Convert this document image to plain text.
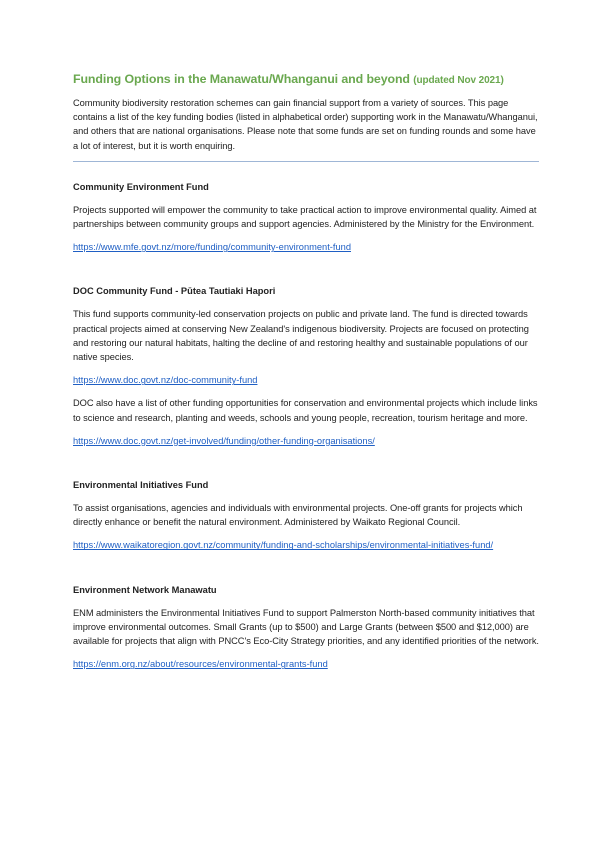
Funding Options in the Manawatu/Whanganui and beyond (updated Nov 2021)

Community biodiversity restoration schemes can gain financial support from a variety of sources. This page contains a list of the key funding bodies (listed in alphabetical order) supporting work in the Manawatu/Whanganui, and others that are national organisations. Please note that some funds are set on funding rounds and some have a lot of interest, but it is worth enquiring.

Community Environment Fund

Projects supported will empower the community to take practical action to improve environmental quality. Aimed at partnerships between community groups and support agencies. Administered by the Ministry for the Environment.

https://www.mfe.govt.nz/more/funding/community-environment-fund
DOC Community Fund - Pūtea Tautiaki Hapori

This fund supports community-led conservation projects on public and private land. The fund is directed towards practical projects aimed at conserving New Zealand's indigenous biodiversity. Projects are focused on protecting and restoring our natural habitats, halting the decline of and restoring healthy and sustainable populations of our native species.

https://www.doc.govt.nz/doc-community-fund

DOC also have a list of other funding opportunities for conservation and environmental projects which include links to science and research, planting and weeds, schools and young people, recreation, tourism heritage and more.

https://www.doc.govt.nz/get-involved/funding/other-funding-organisations/
Environmental Initiatives Fund

To assist organisations, agencies and individuals with environmental projects. One-off grants for projects which directly enhance or benefit the natural environment. Administered by Waikato Regional Council.

https://www.waikatoregion.govt.nz/community/funding-and-scholarships/environmental-initiatives-fund/
Environment Network Manawatu

ENM administers the Environmental Initiatives Fund to support Palmerston North-based community initiatives that improve environmental outcomes. Small Grants (up to $500) and Large Grants (between $500 and $12,000) are available for projects that align with PNCC's Eco-City Strategy priorities, and any identified priorities of the network.

https://enm.org.nz/about/resources/environmental-grants-fund
